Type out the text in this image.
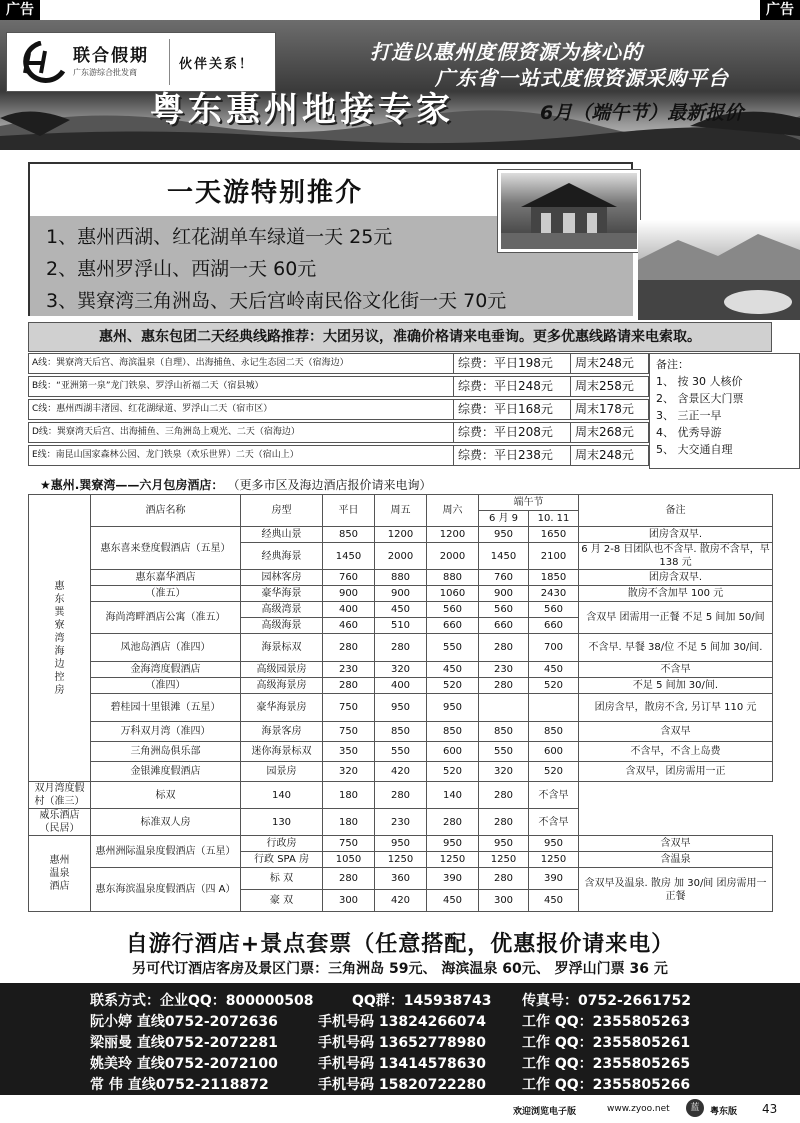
广告	广告
联合假期
广东游综合批发商
伙伴关系！
打造以惠州度假资源为核心的
广东省一站式度假资源采购平台
粤东惠州地接专家	6月（端午节）最新报价
一天游特别推介
1、惠州西湖、红花湖单车绿道一天 25元
2、惠州罗浮山、西湖一天 60元
3、巽寮湾三角洲岛、天后宫岭南民俗文化街一天 70元
惠州、惠东包团二天经典线路推荐：大团另议，准确价格请来电垂询。更多优惠线路请来电索取。
A线：巽寮湾天后宫、海滨温泉（自理）、出海捕鱼、永记生态园二天（宿海边）	综费：平日198元	周末248元
B线：“亚洲第一泉”龙门铁泉、罗浮山祈福二天（宿县城）	综费：平日248元	周末258元
C线：惠州西湖丰渚园、红花湖绿道、罗浮山二天（宿市区）	综费：平日168元	周末178元
D线：巽寮湾天后宫、出海捕鱼、三角洲岛上观光、二天（宿海边）	综费：平日208元	周末268元
E线：南昆山国家森林公园、龙门铁泉（欢乐世界）二天（宿山上）	综费：平日238元	周末248元
备注：
1、 按 30 人核价
2、 含景区大门票
3、 三正一早
4、 优秀导游
5、 大交通自理
★惠州.巽寮湾——六月包房酒店： （更多市区及海边酒店报价请来电询）
惠东巽寮湾海边控房	酒店名称	房型	平日	周五	周六	端午节		备注
						6 月 9	10. 11	
	惠东喜来登度假酒店（五星）	经典山景	850	1200	1200	950	1650	团房含双早.
		经典海景	1450	2000	2000	1450	2100	6 月 2-8 日团队也不含早. 散房不含早，早 138 元
	惠东嘉华酒店	园林客房	760	880	880	760	1850	团房含双早.
	（准五）	豪华海景	900	900	1060	900	2430	散房不含加早 100 元
	海尚湾畔酒店公寓（准五）	高级湾景	400	450	560	560	560	含双早 团需用一正餐 不足 5 间加 50/间
		高级海景	460	510	660	660	660	
	凤池岛酒店（准四）	海景标双	280	280	550	280	700	不含早. 早餐 38/位 不足 5 间加 30/间.
	金海湾度假酒店	高级园景房	230	320	450	230	450	不含早
	（准四）	高级海景房	280	400	520	280	520	不足 5 间加 30/间.
	碧桂园十里银滩（五星）	豪华海景房	750	950	950			团房含早，散房不含, 另订早 110 元
	万科双月湾（准四）	海景客房	750	850	850	850	850	含双早
	三角洲岛俱乐部	迷你海景标双	350	550	600	550	600	不含早，不含上岛费
	金银滩度假酒店	园景房	320	420	520	320	520	含双早，团房需用一正
双月湾度假村（准三）	标双	140	180	280	140	280	不含早	
威乐酒店（民居）	标准双人房	130	180	230	280	280	不含早	
惠州温泉酒店	惠州洲际温泉度假酒店（五星）	行政房	750	950	950	950	950	含双早
		行政 SPA 房	1050	1250	1250	1250	1250	含温泉
	惠东海滨温泉度假酒店（四 A）	标 双	280	360	390	280	390	含双早及温泉. 散房 加 30/间 团房需用一正餐
		豪 双	300	420	450	300	450	
自游行酒店+景点套票（任意搭配，优惠报价请来电）
另可代订酒店客房及景区门票：三角洲岛 59元、 海滨温泉 60元、 罗浮山门票 36 元
联系方式：企业QQ：800000508	QQ群：145938743 传真号：0752-2661752
阮小婷 直线0752-2072636	手机号码 13824266074	工作 QQ：2355805263
梁丽曼 直线0752-2072281	手机号码 13652778980	工作 QQ：2355805261
姚美玲 直线0752-2072100	手机号码 13414578630	工作 QQ：2355805265
常 伟 直线0752-2118872	手机号码 15820722280	工作 QQ：2355805266
欢迎浏览电子版	www.zyoo.net	蓝	粤东版 43
